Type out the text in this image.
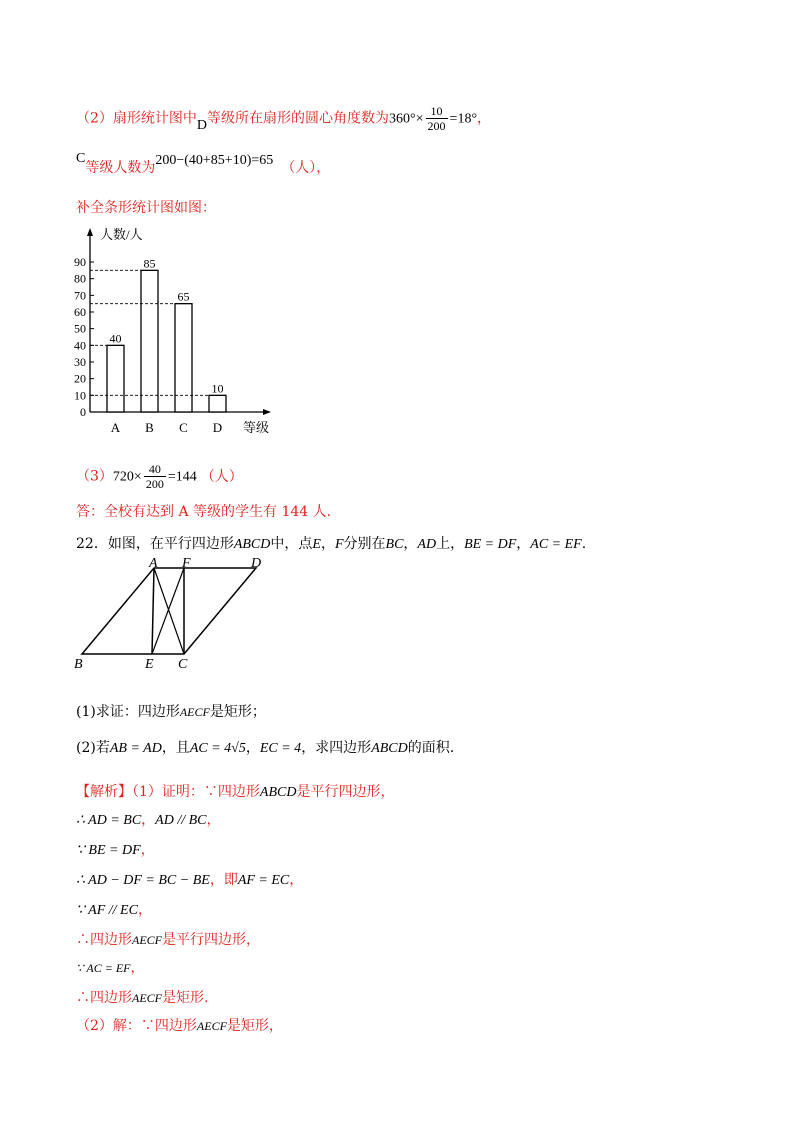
（2）扇形统计图中D等级所在扇形的圆心角度数为$360^\circ\times \frac{10}{200} =18^\circ$，
C等级人数为200−(40+85+10)=65 （人），
补全条形统计图如图：
0
10
20
30
40
50
60
70
80
90
人数/人
等级
40
A
85
B
65
C
10
D
$(3)720\times \frac{40}{200} =144$ （人）
答：全校有达到 A 等级的学生有 144 人.
22．如图，在平行四边形ABCD中，点E，F分别在BC，AD上，BE = DF，AC = EF.
A F	D
B	E C
(1)求证：四边形AECF是矩形；
(2)若AB = AD，且AC = 4√5，EC = 4，求四边形ABCD的面积.
【解析】（1）证明：∵四边形ABCD是平行四边形，
∴ AD = BC，AD // BC，
∵ BE = DF，
∴ AD − DF = BC − BE，即AF = EC，
∵ AF // EC，
∴四边形AECF是平行四边形，
∵ AC = EF，
∴四边形AECF是矩形.
（2）解：∵四边形AECF是矩形，
